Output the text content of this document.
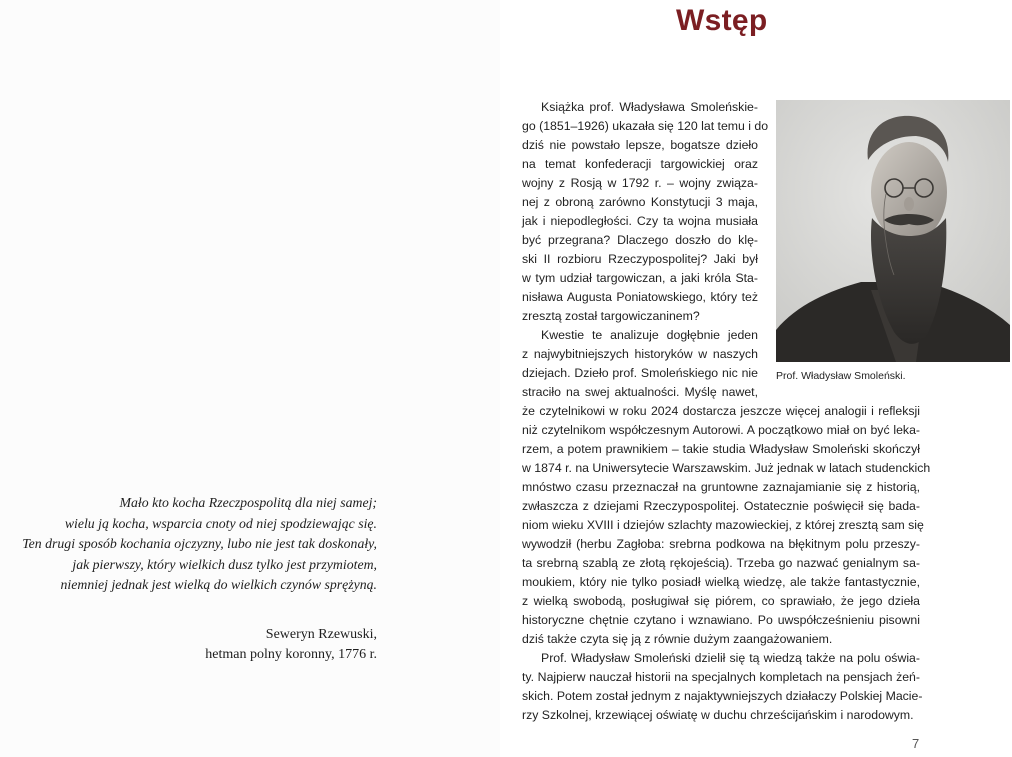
Wstęp
Mało kto kocha Rzeczpospolitą dla niej samej;
wielu ją kocha, wsparcia cnoty od niej spodziewając się.
Ten drugi sposób kochania ojczyzny, lubo nie jest tak doskonały,
jak pierwszy, który wielkich dusz tylko jest przymiotem,
niemniej jednak jest wielką do wielkich czynów sprężyną.
Seweryn Rzewuski,
hetman polny koronny, 1776 r.
Prof. Władysław Smoleński.
Książka prof. Władysława Smoleńskie-
go (1851–1926) ukazała się 120 lat temu i do
dziś nie powstało lepsze, bogatsze dzieło
na temat konfederacji targowickiej oraz
wojny z Rosją w 1792 r. – wojny związa-
nej z obroną zarówno Konstytucji 3 maja,
jak i niepodległości. Czy ta wojna musiała
być przegrana? Dlaczego doszło do klę-
ski II rozbioru Rzeczypospolitej? Jaki był
w tym udział targowiczan, a jaki króla Sta-
nisława Augusta Poniatowskiego, który też
zresztą został targowiczaninem?
Kwestie te analizuje dogłębnie jeden
z najwybitniejszych historyków w naszych
dziejach. Dzieło prof. Smoleńskiego nic nie
straciło na swej aktualności. Myślę nawet,
że czytelnikowi w roku 2024 dostarcza jeszcze więcej analogii i refleksji
niż czytelnikom współczesnym Autorowi. A początkowo miał on być leka-
rzem, a potem prawnikiem – takie studia Władysław Smoleński skończył
w 1874 r. na Uniwersytecie Warszawskim. Już jednak w latach studenckich
mnóstwo czasu przeznaczał na gruntowne zaznajamianie się z historią,
zwłaszcza z dziejami Rzeczypospolitej. Ostatecznie poświęcił się bada-
niom wieku XVIII i dziejów szlachty mazowieckiej, z której zresztą sam się
wywodził (herbu Zagłoba: srebrna podkowa na błękitnym polu przeszy-
ta srebrną szablą ze złotą rękojeścią). Trzeba go nazwać genialnym sa-
moukiem, który nie tylko posiadł wielką wiedzę, ale także fantastycznie,
z wielką swobodą, posługiwał się piórem, co sprawiało, że jego dzieła
historyczne chętnie czytano i wznawiano. Po uwspółcześnieniu pisowni
dziś także czyta się ją z równie dużym zaangażowaniem.
Prof. Władysław Smoleński dzielił się tą wiedzą także na polu oświa-
ty. Najpierw nauczał historii na specjalnych kompletach na pensjach żeń-
skich. Potem został jednym z najaktywniejszych działaczy Polskiej Macie-
rzy Szkolnej, krzewiącej oświatę w duchu chrześcijańskim i narodowym.
7
